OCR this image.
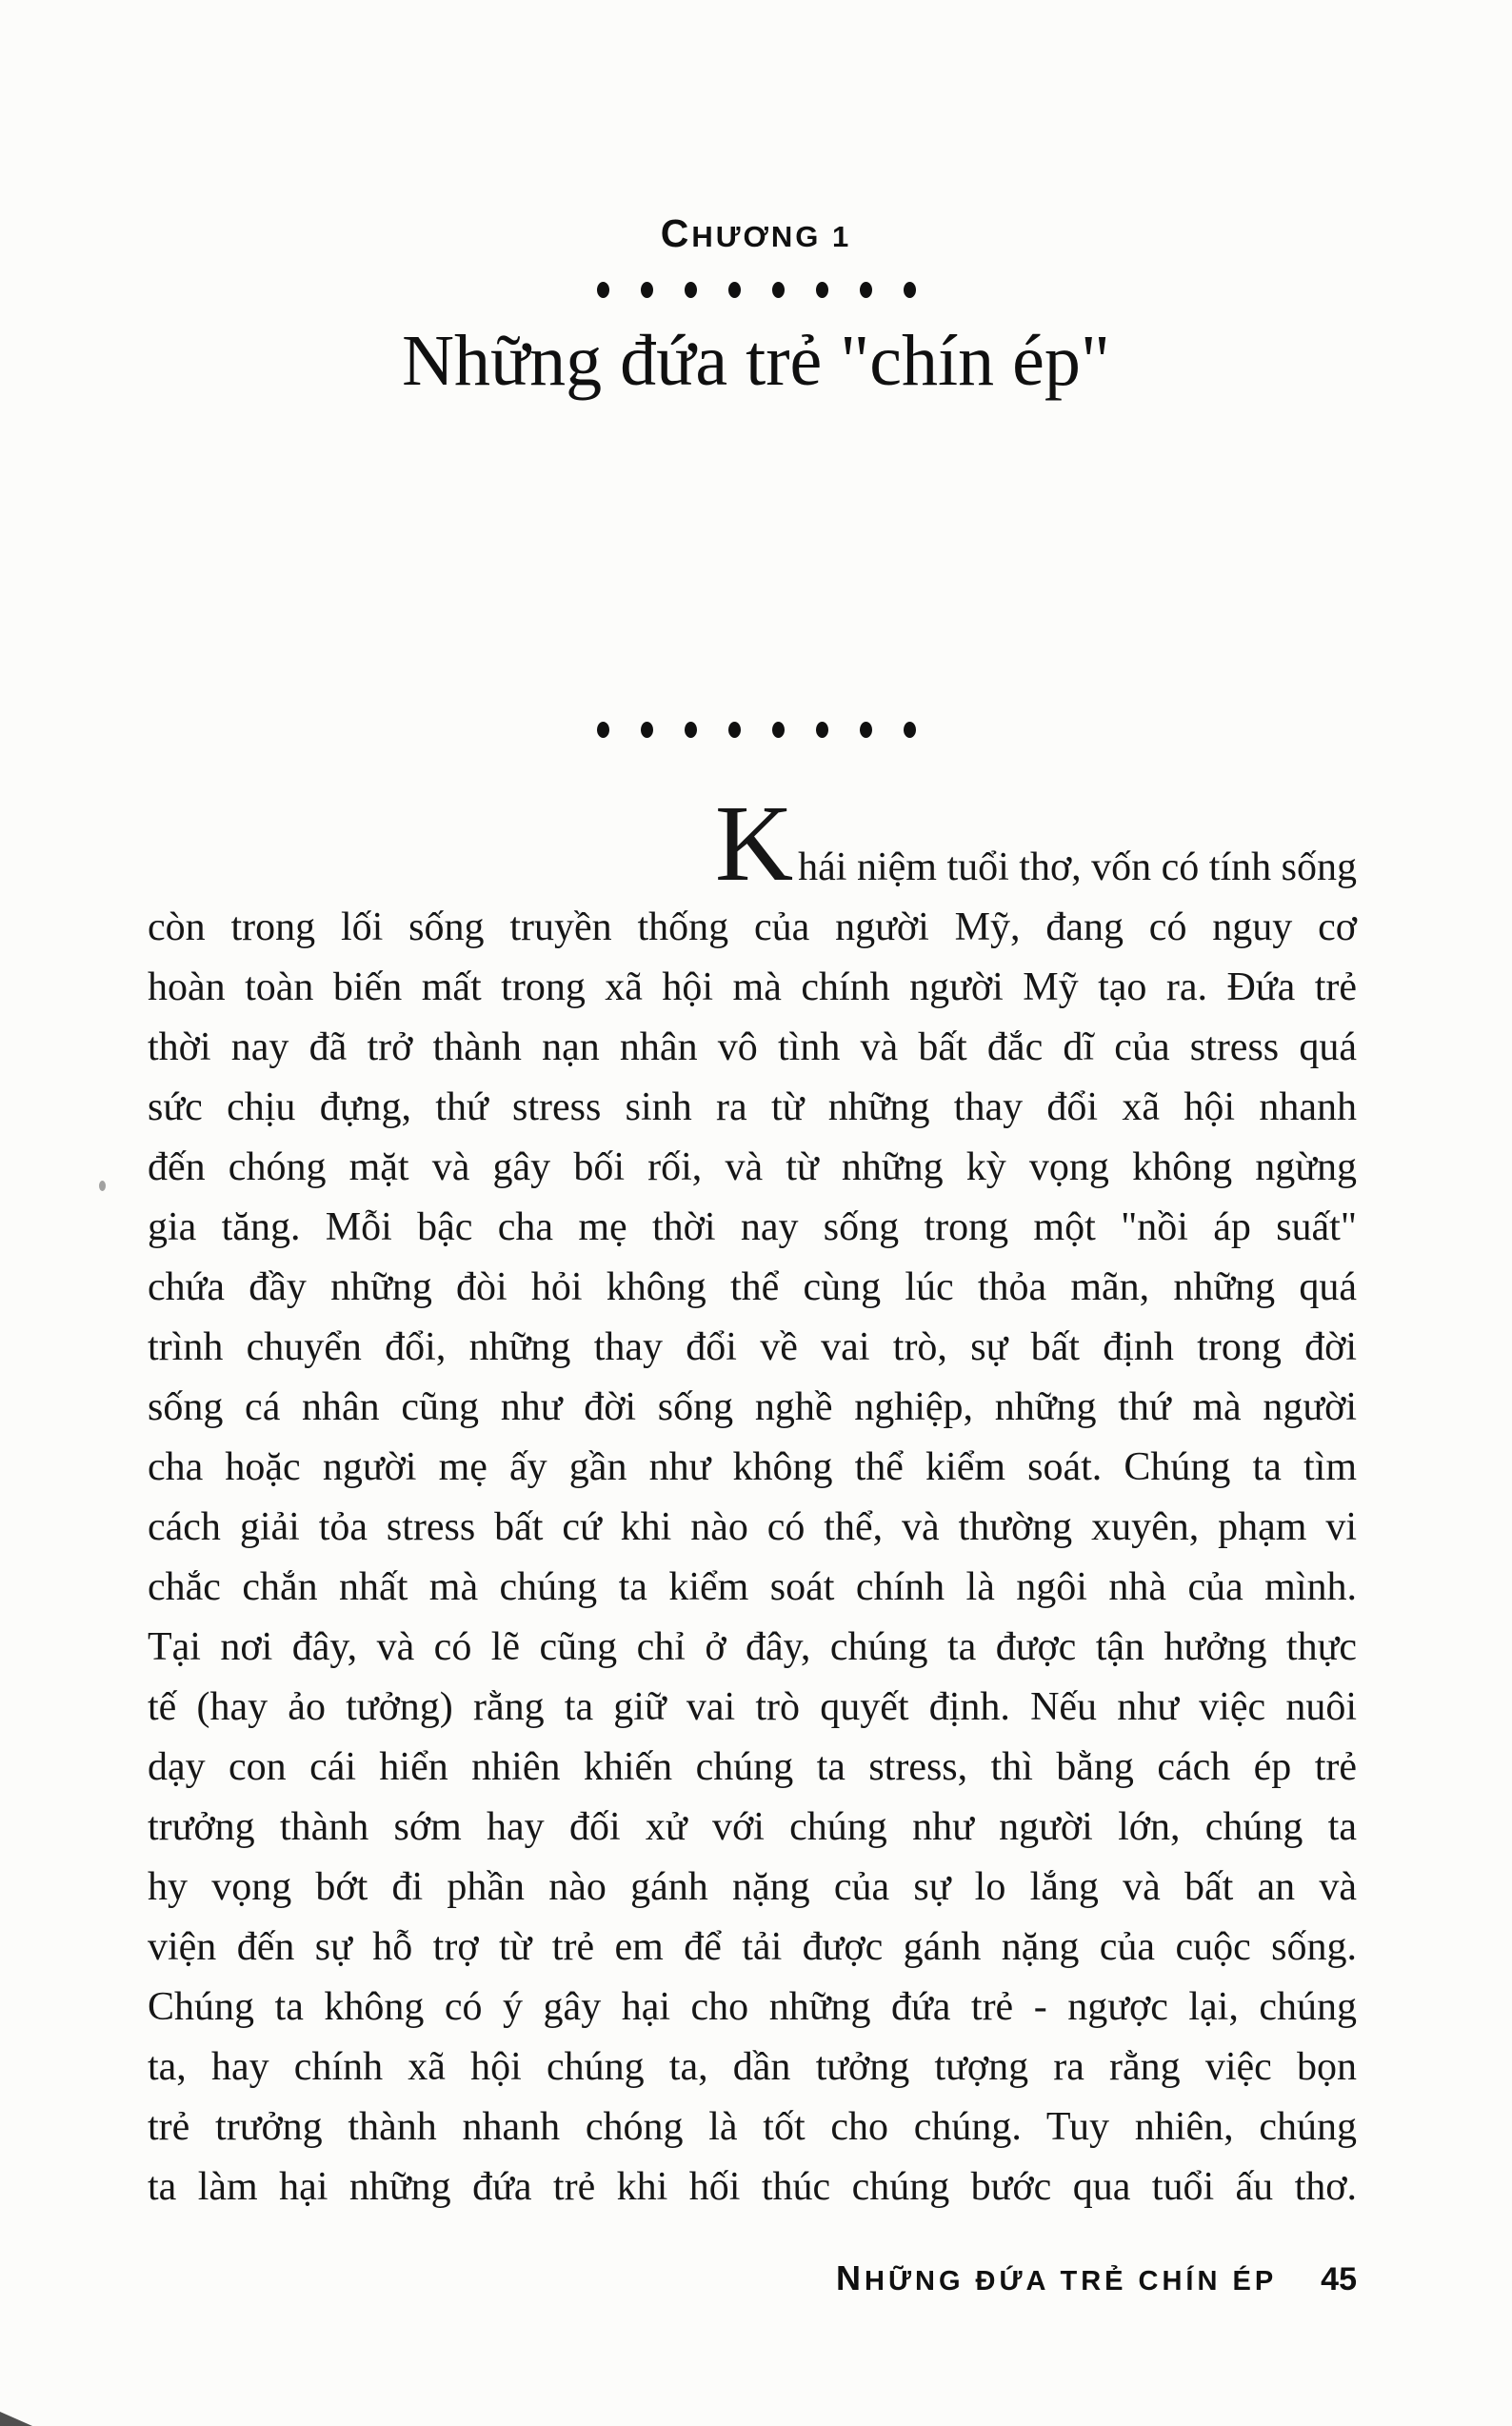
CHƯƠNG 1
Những đứa trẻ "chín ép"
Khái niệm tuổi thơ, vốn có tính sống
còn trong lối sống truyền thống của người Mỹ, đang có nguy cơ
hoàn toàn biến mất trong xã hội mà chính người Mỹ tạo ra. Đứa trẻ
thời nay đã trở thành nạn nhân vô tình và bất đắc dĩ của stress quá
sức chịu đựng, thứ stress sinh ra từ những thay đổi xã hội nhanh
đến chóng mặt và gây bối rối, và từ những kỳ vọng không ngừng
gia tăng. Mỗi bậc cha mẹ thời nay sống trong một "nồi áp suất"
chứa đầy những đòi hỏi không thể cùng lúc thỏa mãn, những quá
trình chuyển đổi, những thay đổi về vai trò, sự bất định trong đời
sống cá nhân cũng như đời sống nghề nghiệp, những thứ mà người
cha hoặc người mẹ ấy gần như không thể kiểm soát. Chúng ta tìm
cách giải tỏa stress bất cứ khi nào có thể, và thường xuyên, phạm vi
chắc chắn nhất mà chúng ta kiểm soát chính là ngôi nhà của mình.
Tại nơi đây, và có lẽ cũng chỉ ở đây, chúng ta được tận hưởng thực
tế (hay ảo tưởng) rằng ta giữ vai trò quyết định. Nếu như việc nuôi
dạy con cái hiển nhiên khiến chúng ta stress, thì bằng cách ép trẻ
trưởng thành sớm hay đối xử với chúng như người lớn, chúng ta
hy vọng bớt đi phần nào gánh nặng của sự lo lắng và bất an và
viện đến sự hỗ trợ từ trẻ em để tải được gánh nặng của cuộc sống.
Chúng ta không có ý gây hại cho những đứa trẻ - ngược lại, chúng
ta, hay chính xã hội chúng ta, dần tưởng tượng ra rằng việc bọn
trẻ trưởng thành nhanh chóng là tốt cho chúng. Tuy nhiên, chúng
ta làm hại những đứa trẻ khi hối thúc chúng bước qua tuổi ấu thơ.
NHỮNG ĐỨA TRẺ CHÍN ÉP 45
